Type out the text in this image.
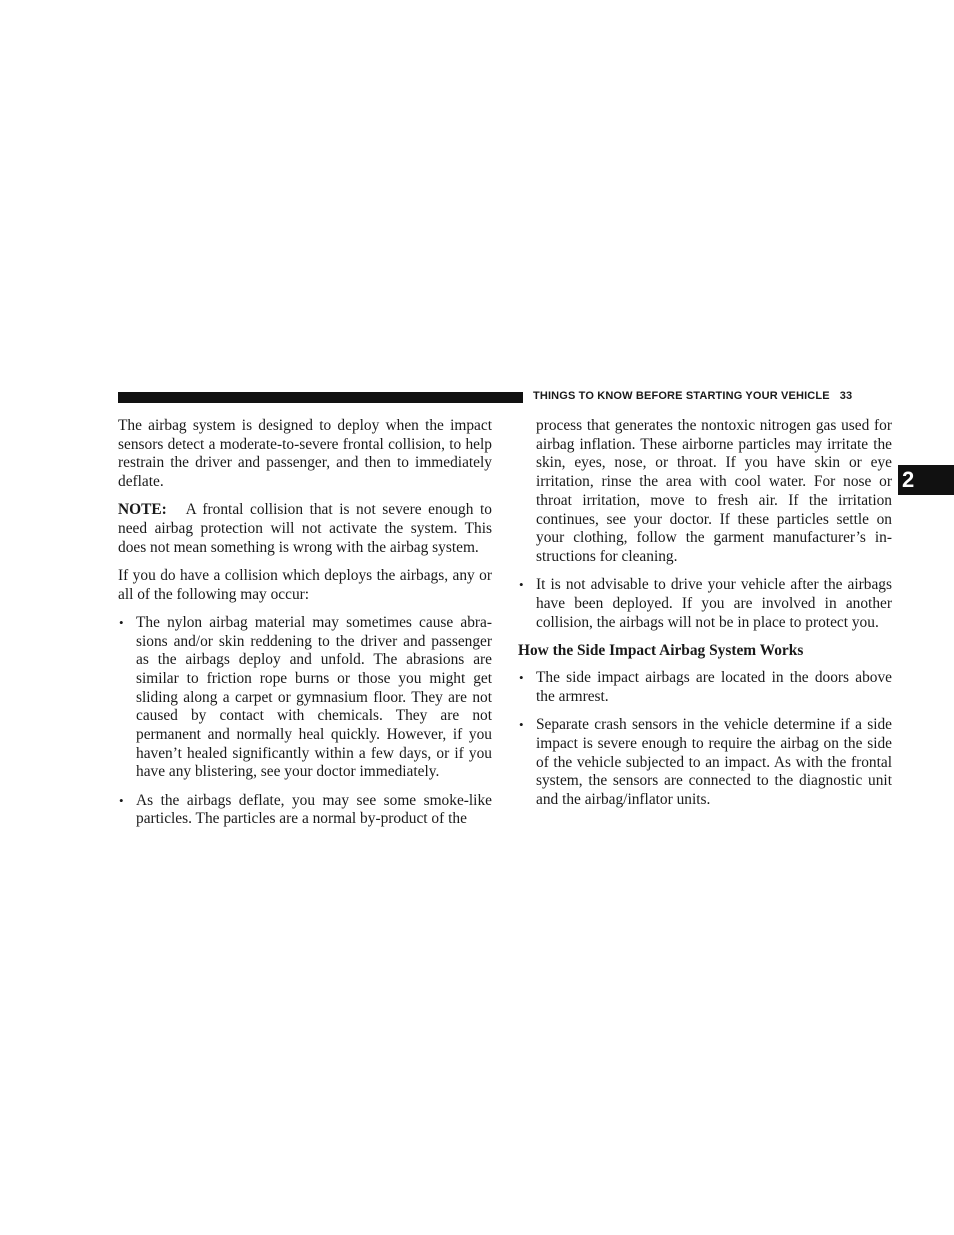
THINGS TO KNOW BEFORE STARTING YOUR VEHICLE 33
2

The airbag system is designed to deploy when the impact sensors detect a moderate-to-severe frontal collision, to help restrain the driver and passenger, and then to immediately deflate.

NOTE: A frontal collision that is not severe enough to need airbag protection will not activate the system. This does not mean something is wrong with the airbag system.

If you do have a collision which deploys the airbags, any or all of the following may occur:

• The nylon airbag material may sometimes cause abrasions and/or skin reddening to the driver and passenger as the airbags deploy and unfold. The abrasions are similar to friction rope burns or those you might get sliding along a carpet or gymnasium floor. They are not caused by contact with chemicals. They are not permanent and normally heal quickly. However, if you haven’t healed significantly within a few days, or if you have any blistering, see your doctor immediately.
• As the airbags deflate, you may see some smoke-like particles. The particles are a normal by-product of the

process that generates the nontoxic nitrogen gas used for airbag inflation. These airborne particles may irritate the skin, eyes, nose, or throat. If you have skin or eye irritation, rinse the area with cool water. For nose or throat irritation, move to fresh air. If the irritation continues, see your doctor. If these particles settle on your clothing, follow the garment manufacturer’s instructions for cleaning.

• It is not advisable to drive your vehicle after the airbags have been deployed. If you are involved in another collision, the airbags will not be in place to protect you.
How the Side Impact Airbag System Works
• The side impact airbags are located in the doors above the armrest.
• Separate crash sensors in the vehicle determine if a side impact is severe enough to require the airbag on the side of the vehicle subjected to an impact. As with the frontal system, the sensors are connected to the diagnostic unit and the airbag/inflator units.
